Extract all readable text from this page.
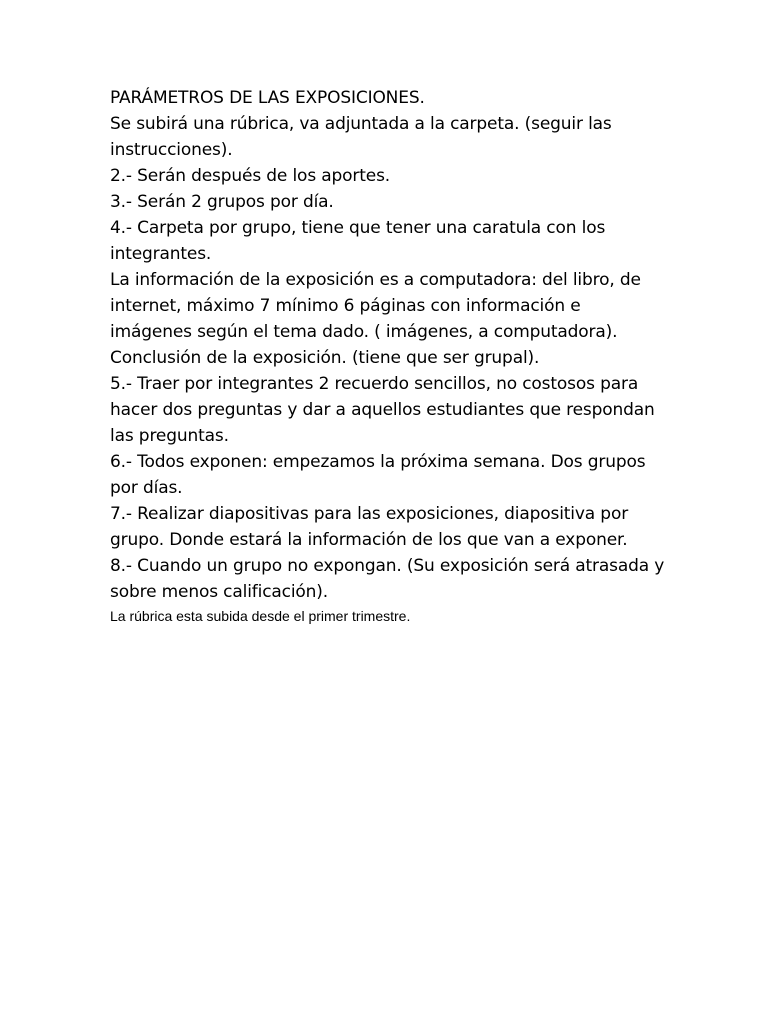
PARÁMETROS DE LAS EXPOSICIONES.

Se subirá una rúbrica, va adjuntada a la carpeta. (seguir las

instrucciones).

2.- Serán después de los aportes.

3.- Serán 2 grupos por día.

4.- Carpeta por grupo, tiene que tener una caratula con los

integrantes.

La información de la exposición es a computadora: del libro, de

internet, máximo 7 mínimo 6 páginas con información e

imágenes según el tema dado. ( imágenes, a computadora).

Conclusión de la exposición. (tiene que ser grupal).

5.- Traer por integrantes 2 recuerdo sencillos, no costosos para

hacer dos preguntas y dar a aquellos estudiantes que respondan

las preguntas.

6.- Todos exponen: empezamos la próxima semana. Dos grupos

por días.

7.- Realizar diapositivas para las exposiciones, diapositiva por

grupo. Donde estará la información de los que van a exponer.

8.- Cuando un grupo no expongan. (Su exposición será atrasada y

sobre menos calificación).

La rúbrica esta subida desde el primer trimestre.
